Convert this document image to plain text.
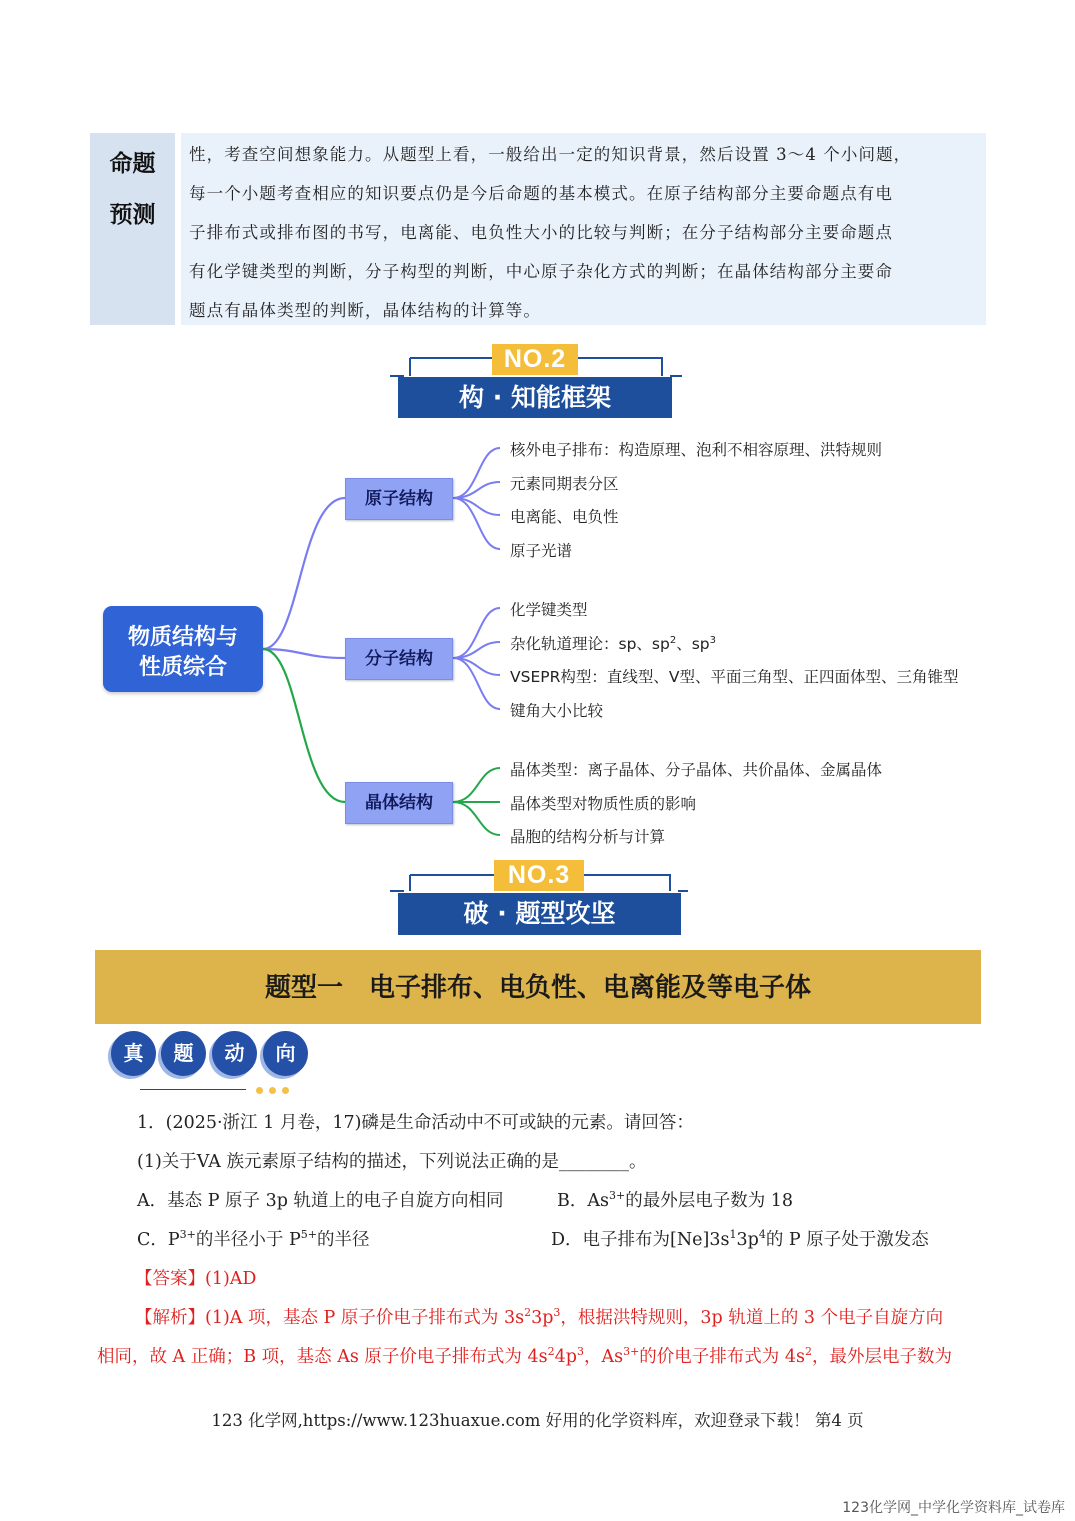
命题
预测
性，考查空间想象能力。从题型上看，一般给出一定的知识背景，然后设置 3～4 个小问题，
每一个小题考查相应的知识要点仍是今后命题的基本模式。在原子结构部分主要命题点有电
子排布式或排布图的书写，电离能、电负性大小的比较与判断；在分子结构部分主要命题点
有化学键类型的判断，分子构型的判断，中心原子杂化方式的判断；在晶体结构部分主要命
题点有晶体类型的判断，晶体结构的计算等。
NO.2
构 · 知能框架
物质结构与
性质综合
原子结构
分子结构
晶体结构
核外电子排布：构造原理、泡利不相容原理、洪特规则
元素同期表分区
电离能、电负性
原子光谱
化学键类型
杂化轨道理论：sp、$sp^2$、$sp^3$
VSEPR构型：直线型、V型、平面三角型、正四面体型、三角锥型
键角大小比较
晶体类型：离子晶体、分子晶体、共价晶体、金属晶体
晶体类型对物质性质的影响
晶胞的结构分析与计算
NO.3
破 · 题型攻坚
题型一　电子排布、电负性、电离能及等电子体
真	题	动	向
1．(2025·浙江 1 月卷，17)磷是生命活动中不可或缺的元素。请回答：
(1)关于VA 族元素原子结构的描述，下列说法正确的是________。
A．基态 P 原子 3p 轨道上的电子自旋方向相同	B．$As^{3+}$的最外层电子数为 18
C．$P^{3+}$的半径小于 $P^{5+}$的半径	D．电子排布为$[Ne]3s^13p^4$的 P 原子处于激发态
【答案】(1)AD
【解析】(1)A 项，基态 P 原子价电子排布式为 $3s^23p^3$，根据洪特规则，3p 轨道上的 3 个电子自旋方向
相同，故 A 正确；B 项，基态 As 原子价电子排布式为 $4s^24p^3$，$As^{3+}$的价电子排布式为 $4s^2$，最外层电子数为
123 化学网,https://www.123huaxue.com 好用的化学资料库，欢迎登录下载！ 第4 页
123化学网_中学化学资料库_试卷库
